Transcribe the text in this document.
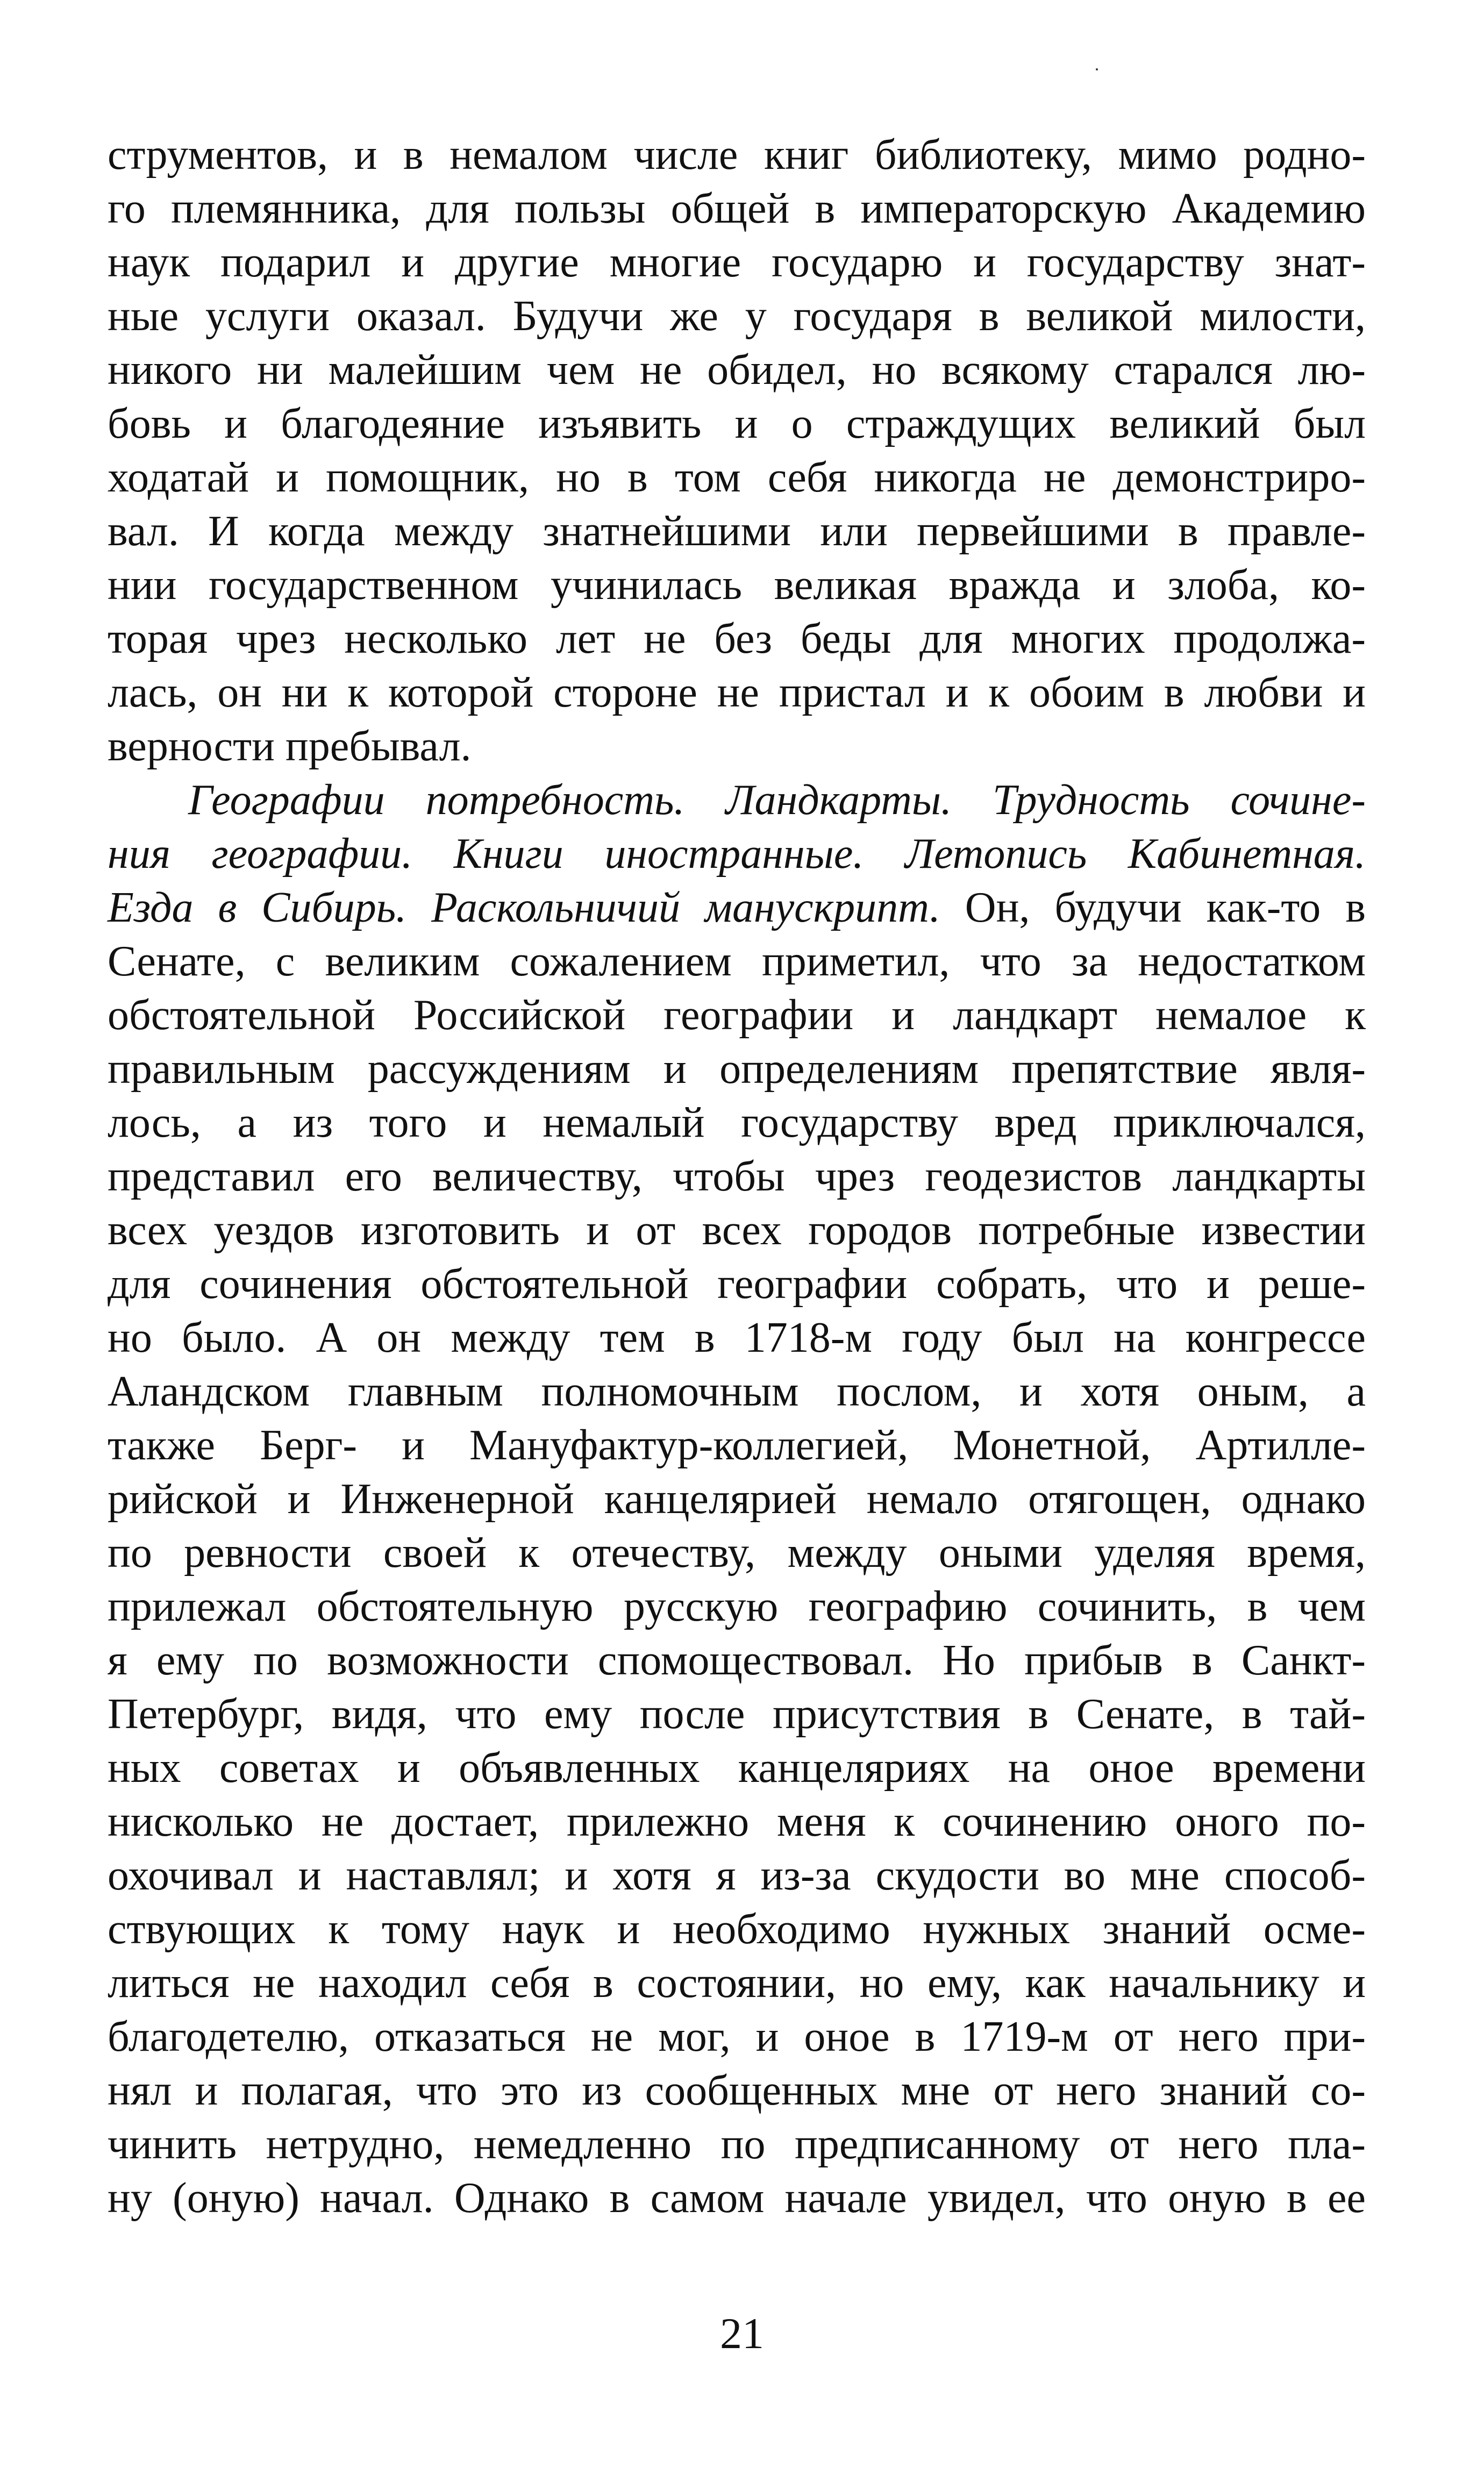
струментов, и в немалом числе книг библиотеку, мимо родно-
го племянника, для пользы общей в императорскую Академию
наук подарил и другие многие государю и государству знат-
ные услуги оказал. Будучи же у государя в великой милости,
никого ни малейшим чем не обидел, но всякому старался лю-
бовь и благодеяние изъявить и о страждущих великий был
ходатай и помощник, но в том себя никогда не демонстриро-
вал. И когда между знатнейшими или первейшими в правле-
нии государственном учинилась великая вражда и злоба, ко-
торая чрез несколько лет не без беды для многих продолжа-
лась, он ни к которой стороне не пристал и к обоим в любви и
верности пребывал.
Географии потребность. Ландкарты. Трудность сочине-
ния географии. Книги иностранные. Летопись Кабинетная.
Езда в Сибирь. Раскольничий манускрипт. Он, будучи как-то в
Сенате, с великим сожалением приметил, что за недостатком
обстоятельной Российской географии и ландкарт немалое к
правильным рассуждениям и определениям препятствие явля-
лось, а из того и немалый государству вред приключался,
представил его величеству, чтобы чрез геодезистов ландкарты
всех уездов изготовить и от всех городов потребные известии
для сочинения обстоятельной географии собрать, что и реше-
но было. А он между тем в 1718-м году был на конгрессе
Аландском главным полномочным послом, и хотя оным, а
также Берг- и Мануфактур-коллегией, Монетной, Артилле-
рийской и Инженерной канцелярией немало отягощен, однако
по ревности своей к отечеству, между оными уделяя время,
прилежал обстоятельную русскую географию сочинить, в чем
я ему по возможности спомоществовал. Но прибыв в Санкт-
Петербург, видя, что ему после присутствия в Сенате, в тай-
ных советах и объявленных канцеляриях на оное времени
нисколько не достает, прилежно меня к сочинению оного по-
охочивал и наставлял; и хотя я из-за скудости во мне способ-
ствующих к тому наук и необходимо нужных знаний осме-
литься не находил себя в состоянии, но ему, как начальнику и
благодетелю, отказаться не мог, и оное в 1719-м от него при-
нял и полагая, что это из сообщенных мне от него знаний со-
чинить нетрудно, немедленно по предписанному от него пла-
ну (оную) начал. Однако в самом начале увидел, что оную в ее
21
